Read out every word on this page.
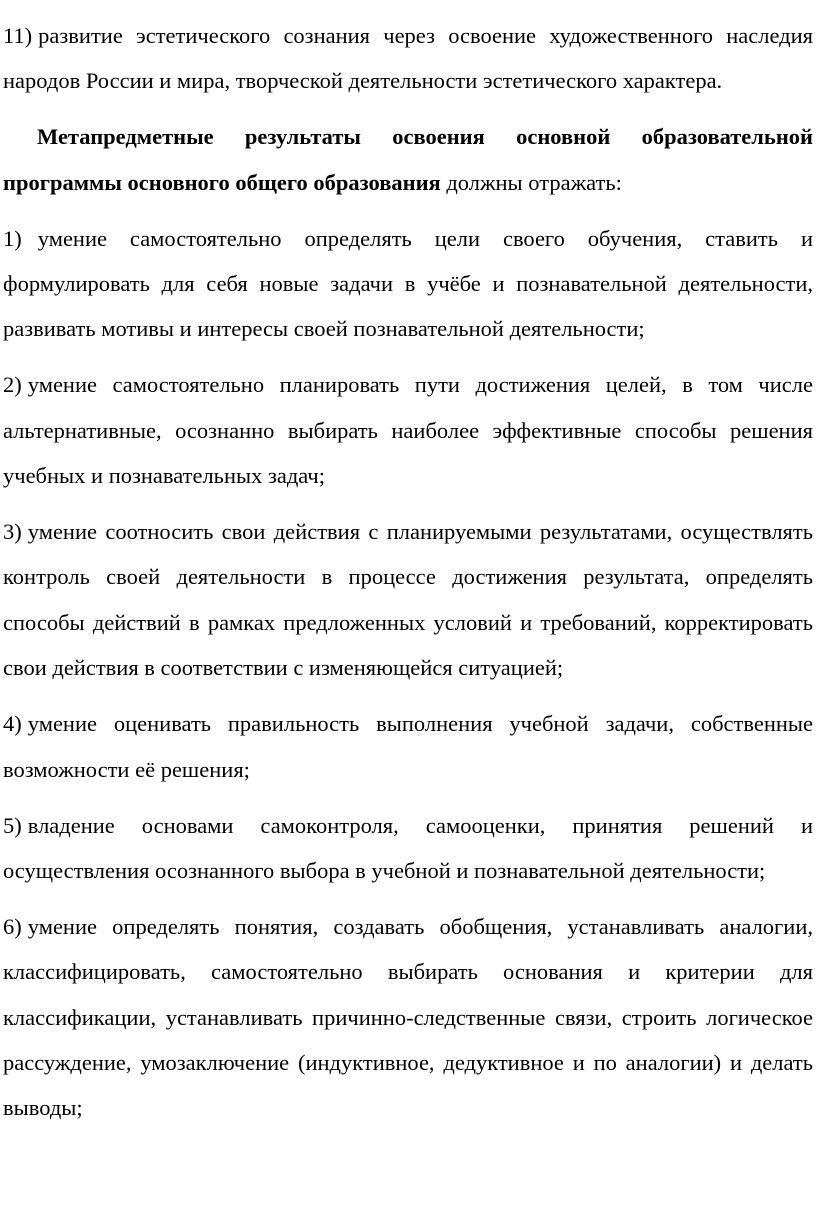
11) развитие эстетического сознания через освоение художественного наследия народов России и мира, творческой деятельности эстетического характера.

Метапредметные результаты освоения основной образовательной программы основного общего образования должны отражать:

1) умение самостоятельно определять цели своего обучения, ставить и формулировать для себя новые задачи в учёбе и познавательной деятельности, развивать мотивы и интересы своей познавательной деятельности;

2) умение самостоятельно планировать пути достижения целей, в том числе альтернативные, осознанно выбирать наиболее эффективные способы решения учебных и познавательных задач;

3) умение соотносить свои действия с планируемыми результатами, осуществлять контроль своей деятельности в процессе достижения результата, определять способы действий в рамках предложенных условий и требований, корректировать свои действия в соответствии с изменяющейся ситуацией;

4) умение оценивать правильность выполнения учебной задачи, собственные возможности её решения;

5) владение основами самоконтроля, самооценки, принятия решений и осуществления осознанного выбора в учебной и познавательной деятельности;

6) умение определять понятия, создавать обобщения, устанавливать аналогии, классифицировать, самостоятельно выбирать основания и критерии для классификации, устанавливать причинно-следственные связи, строить логическое рассуждение, умозаключение (индуктивное, дедуктивное и по аналогии) и делать выводы;
